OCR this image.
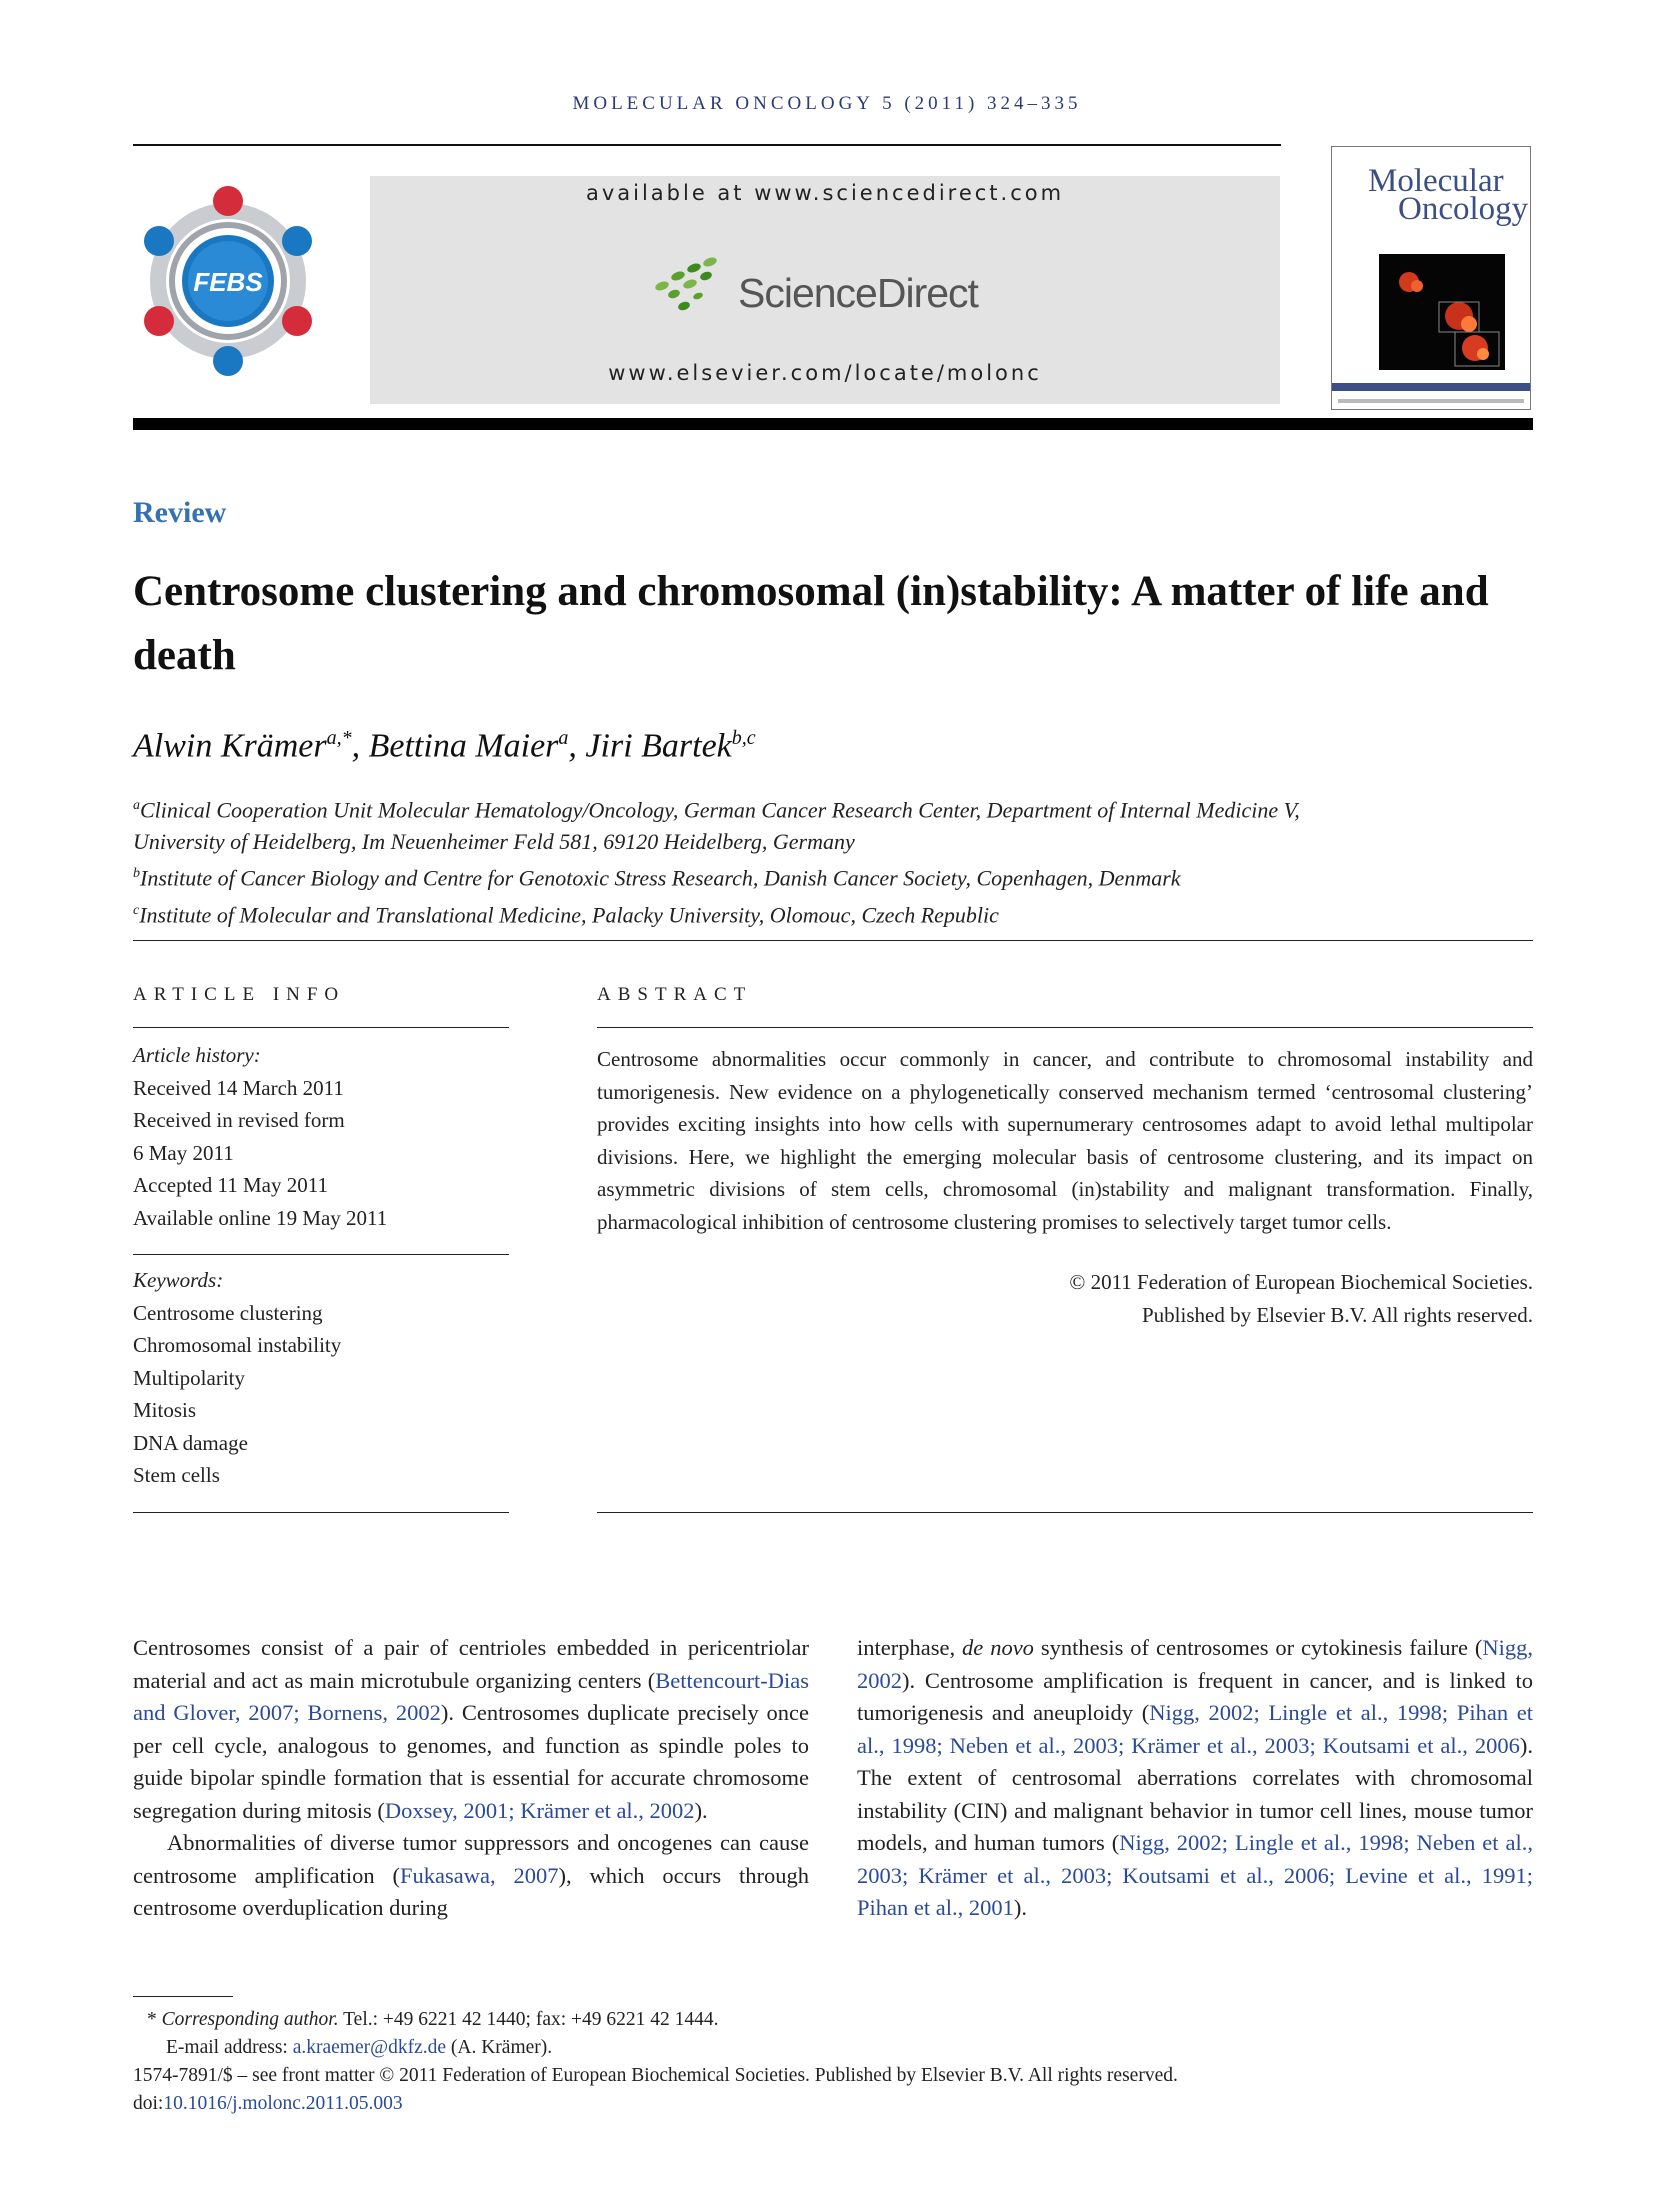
MOLECULAR ONCOLOGY 5 (2011) 324–335
FEBS
available at www.sciencedirect.com
ScienceDirect
www.elsevier.com/locate/molonc
Molecular
Oncology
Review
Centrosome clustering and chromosomal (in)stability: A matter of life and death
Alwin Krämer$^{a,*}$, Bettina Maier$^a$, Jiri Bartek$^{b,c}$
$^a$Clinical Cooperation Unit Molecular Hematology/Oncology, German Cancer Research Center, Department of Internal Medicine V,
University of Heidelberg, Im Neuenheimer Feld 581, 69120 Heidelberg, Germany
$^b$Institute of Cancer Biology and Centre for Genotoxic Stress Research, Danish Cancer Society, Copenhagen, Denmark
$^c$Institute of Molecular and Translational Medicine, Palacky University, Olomouc, Czech Republic
ARTICLE INFO
Article history:
Received 14 March 2011
Received in revised form
6 May 2011
Accepted 11 May 2011
Available online 19 May 2011
Keywords:
Centrosome clustering
Chromosomal instability
Multipolarity
Mitosis
DNA damage
Stem cells
ABSTRACT
Centrosome abnormalities occur commonly in cancer, and contribute to chromosomal instability and tumorigenesis. New evidence on a phylogenetically conserved mechanism termed ‘centrosomal clustering’ provides exciting insights into how cells with supernumerary centrosomes adapt to avoid lethal multipolar divisions. Here, we highlight the emerging molecular basis of centrosome clustering, and its impact on asymmetric divisions of stem cells, chromosomal (in)stability and malignant transformation. Finally, pharmacological inhibition of centrosome clustering promises to selectively target tumor cells.
© 2011 Federation of European Biochemical Societies.
Published by Elsevier B.V. All rights reserved.

Centrosomes consist of a pair of centrioles embedded in pericentriolar material and act as main microtubule organizing centers (Bettencourt-Dias and Glover, 2007; Bornens, 2002). Centrosomes duplicate precisely once per cell cycle, analogous to genomes, and function as spindle poles to guide bipolar spindle formation that is essential for accurate chromosome segregation during mitosis (Doxsey, 2001; Krämer et al., 2002).

Abnormalities of diverse tumor suppressors and oncogenes can cause centrosome amplification (Fukasawa, 2007), which occurs through centrosome overduplication during

interphase, de novo synthesis of centrosomes or cytokinesis failure (Nigg, 2002). Centrosome amplification is frequent in cancer, and is linked to tumorigenesis and aneuploidy (Nigg, 2002; Lingle et al., 1998; Pihan et al., 1998; Neben et al., 2003; Krämer et al., 2003; Koutsami et al., 2006). The extent of centrosomal aberrations correlates with chromosomal instability (CIN) and malignant behavior in tumor cell lines, mouse tumor models, and human tumors (Nigg, 2002; Lingle et al., 1998; Neben et al., 2003; Krämer et al., 2003; Koutsami et al., 2006; Levine et al., 1991; Pihan et al., 2001).

* Corresponding author. Tel.: +49 6221 42 1440; fax: +49 6221 42 1444.
E-mail address: a.kraemer@dkfz.de (A. Krämer).
1574-7891/$ – see front matter © 2011 Federation of European Biochemical Societies. Published by Elsevier B.V. All rights reserved.
doi:10.1016/j.molonc.2011.05.003
